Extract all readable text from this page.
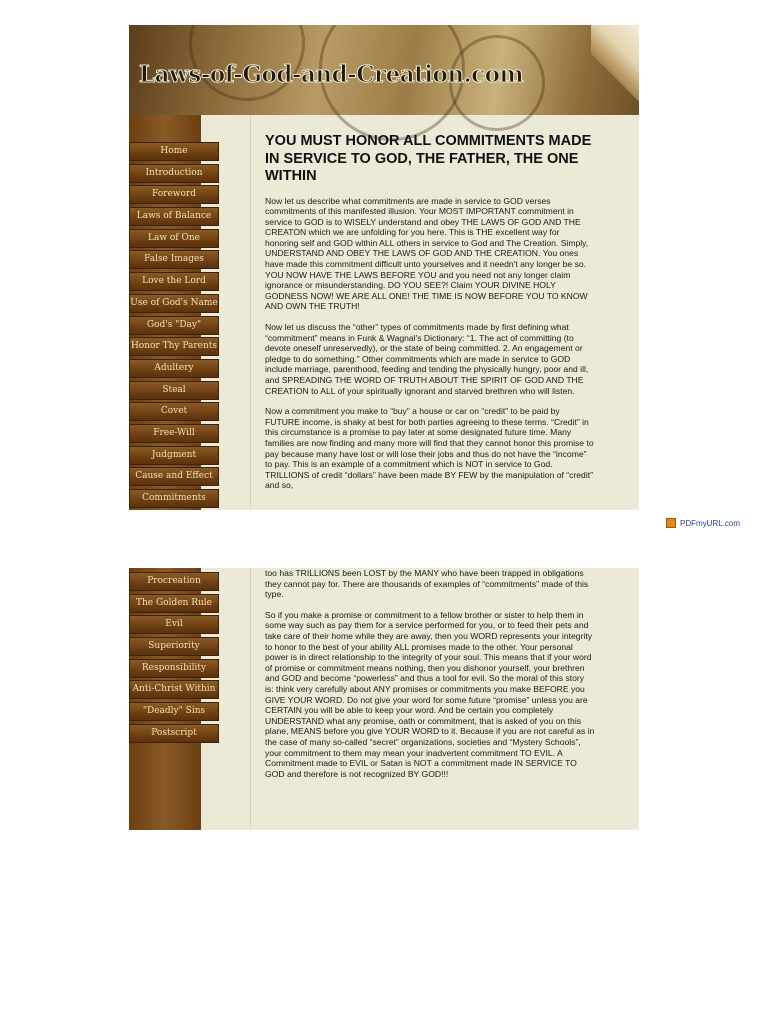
Laws-of-God-and-Creation.com
Home
Introduction
Foreword
Laws of Balance
Law of One
False Images
Love the Lord
Use of God's Name
God's "Day"
Honor Thy Parents
Adultery
Steal
Covet
Free-Will
Judgment
Cause and Effect
Commitments
YOU MUST HONOR ALL COMMITMENTS MADE IN SERVICE TO GOD, THE FATHER, THE ONE WITHIN

Now let us describe what commitments are made in service to GOD verses commitments of this manifested illusion. Your MOST IMPORTANT commitment in service to GOD is to WISELY understand and obey THE LAWS OF GOD AND THE CREATON which we are unfolding for you here. This is THE excellent way for honoring self and GOD within ALL others in service to God and The Creation. Simply, UNDERSTAND AND OBEY THE LAWS OF GOD AND THE CREATION. You ones have made this commitment difficult unto yourselves and it needn't any longer be so. YOU NOW HAVE THE LAWS BEFORE YOU and you need not any longer claim ignorance or misunderstanding. DO YOU SEE?! Claim YOUR DIVINE HOLY GODNESS NOW! WE ARE ALL ONE! THE TIME IS NOW BEFORE YOU TO KNOW AND OWN THE TRUTH!

Now let us discuss the “other” types of commitments made by first defining what “commitment” means in Funk & Wagnal's Dictionary: “1. The act of committing (to devote oneself unreservedly), or the state of being committed. 2. An engagement or pledge to do something.” Other commitments which are made in service to GOD include marriage, parenthood, feeding and tending the physically hungry, poor and ill, and SPREADING THE WORD OF TRUTH ABOUT THE SPIRIT OF GOD AND THE CREATION to ALL of your spiritually ignorant and starved brethren who will listen.

Now a commitment you make to “buy” a house or car on “credit” to be paid by FUTURE income, is shaky at best for both parties agreeing to these terms. “Credit” in this circumstance is a promise to pay later at some designated future time. Many families are now finding and many more will find that they cannot honor this promise to pay because many have lost or will lose their jobs and thus do not have the “income” to pay. This is an example of a commitment which is NOT in service to God. TRILLIONS of credit “dollars” have been made BY FEW by the manipulation of “credit” and so,

PDFmyURL.com
Procreation
The Golden Rule
Evil
Superiority
Responsibility
Anti-Christ Within
"Deadly" Sins
Postscript

too has TRILLIONS been LOST by the MANY who have been trapped in obligations they cannot pay for. There are thousands of examples of “commitments” made of this type.

So if you make a promise or commitment to a fellow brother or sister to help them in some way such as pay them for a service performed for you, or to feed their pets and take care of their home while they are away, then you WORD represents your integrity to honor to the best of your ability ALL promises made to the other. Your personal power is in direct relationship to the integrity of your soul. This means that if your word of promise or commitment means nothing, then you dishonor yourself, your brethren and GOD and become “powerless” and thus a tool for evil. So the moral of this story is: think very carefully about ANY promises or commitments you make BEFORE you GIVE YOUR WORD. Do not give your word for some future “promise” unless you are CERTAIN you will be able to keep your word. And be certain you completely UNDERSTAND what any promise, oath or commitment, that is asked of you on this plane, MEANS before you give YOUR WORD to it. Because if you are not careful as in the case of many so-called “secret” organizations, societies and “Mystery Schools”, your commitment to them may mean your inadvertent commitment TO EVIL. A Commitment made to EVIL or Satan is NOT a commitment made IN SERVICE TO GOD and therefore is not recognized BY GOD!!!
